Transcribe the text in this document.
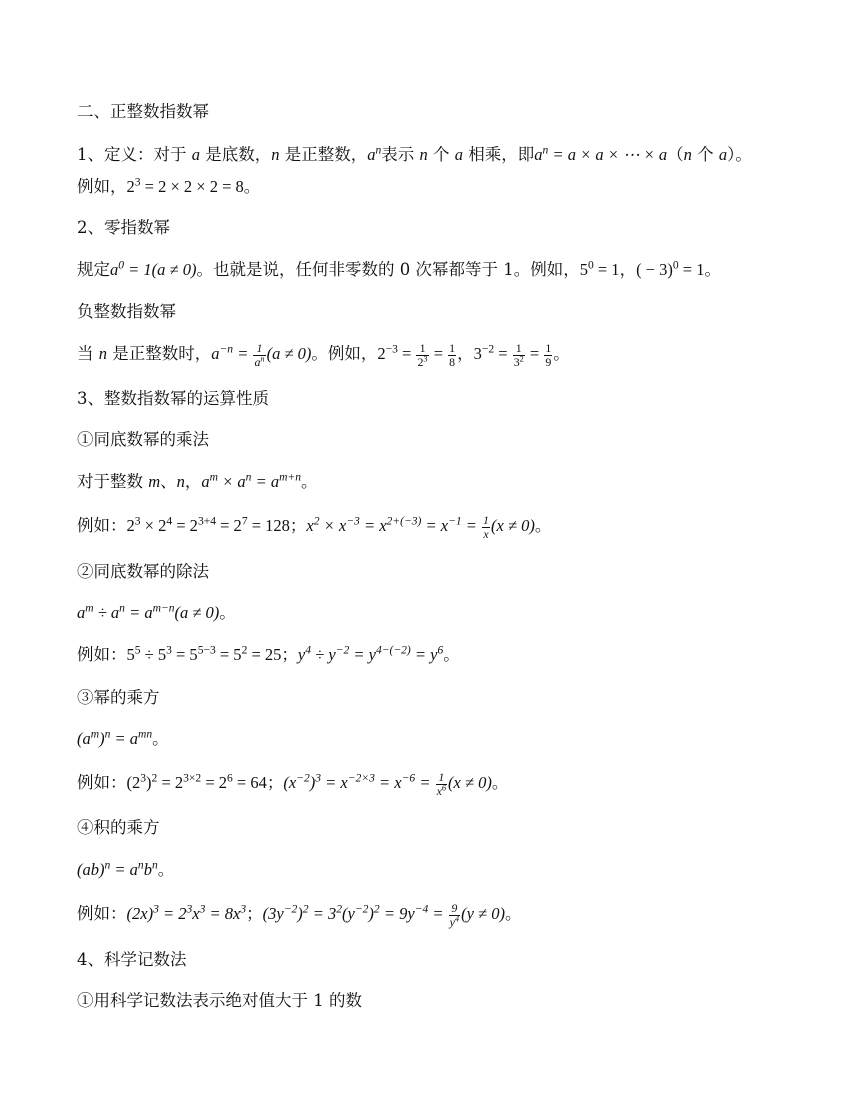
二、正整数指数幂
1、定义：对于 a 是底数，n 是正整数，$a^n$表示 n 个 a 相乘，即$a^n = a \times a$ × ⋯ × a（n 个 a）。
例如，$2^3 = 2 \times 2 \times 2 = 8$。
2、零指数幂
规定$a^0 = 1(a \ne 0)$。也就是说，任何非零数的 0 次幂都等于 1。例如，$5^0 = 1$，( − 3)$^0$ = 1。
负整数指数幂
当 n 是正整数时，$a^{-n} = \frac{1}{a^n} (a \ne 0)$。例如，$2^{-3} = \frac{1}{2^3} = \frac{1}{8}$ ，$3^{-2} = \frac{1}{3^2} = \frac{1}{9}$ 。
3、整数指数幂的运算性质
①同底数幂的乘法
对于整数 m、n，$a^m \times a^n = a^{m+n}$。
例如：$2^3 \times 2^4 = 2^{3+4} = 2^7 = 128$；$x^2 \times x^{-3} = x^{2+(-3)} = x^{-1} = \frac{1}{x} (x \ne 0)$。
②同底数幂的除法
$a^m \div a^n = a^{m-n}(a \ne 0)$。
例如：$5^5 \div 5^3 = 5^{5-3} = 5^2 = 25$；$y^4 \div y^{-2} = y^{4-(-2)} = y^6$。
③幂的乘方
$(a^m)^n = a^{mn}$。
例如：$(2^3)^2 = 2^{3\times 2} = 2^6 = 64$；$(x^{-2})^3 = x^{-2\times 3} = x^{-6} = \frac{1}{x^6} (x \ne 0)$。
④积的乘方
$(ab)^n = a^nb^n$。
例如：$(2x)^3 = 2^3x^3 = 8x^3$；$(3y^{-2})^2 = 3^2(y^{-2})^2 = 9y^{-4} = \frac{9}{y^4} (y \ne 0)$。
4、科学记数法
①用科学记数法表示绝对值大于 1 的数
